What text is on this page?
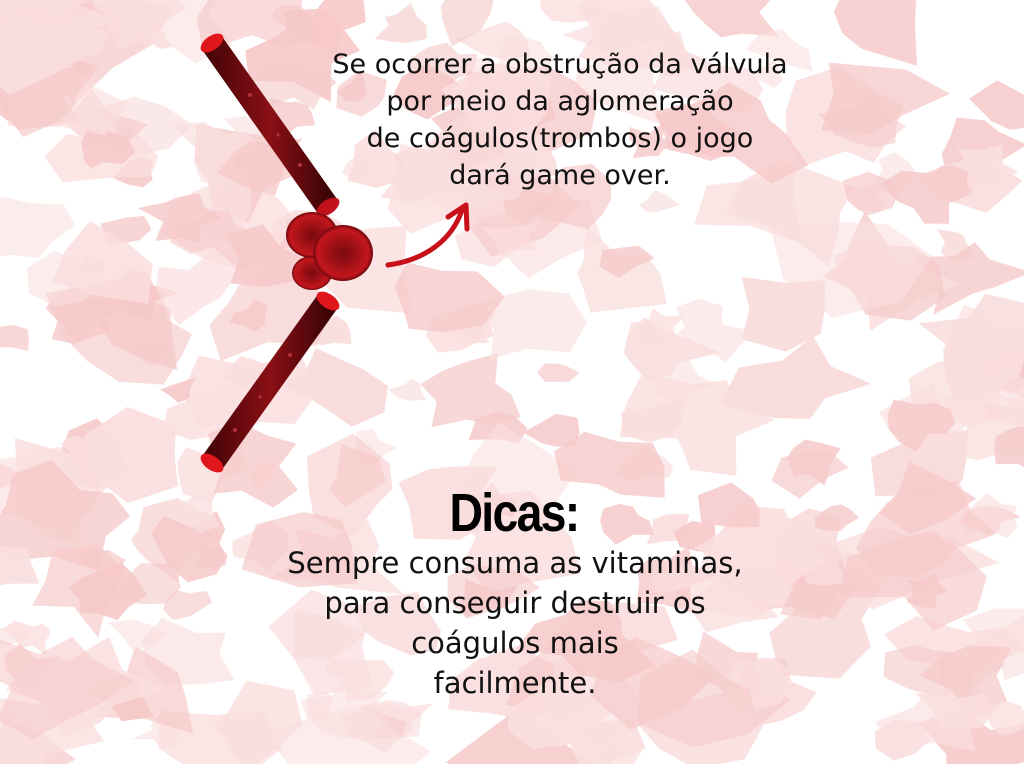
Se ocorrer a obstrução da válvula
por meio da aglomeração
de coágulos(trombos) o jogo
dará game over.
Dicas:
Sempre consuma as vitaminas,
para conseguir destruir os
coágulos mais
facilmente.
